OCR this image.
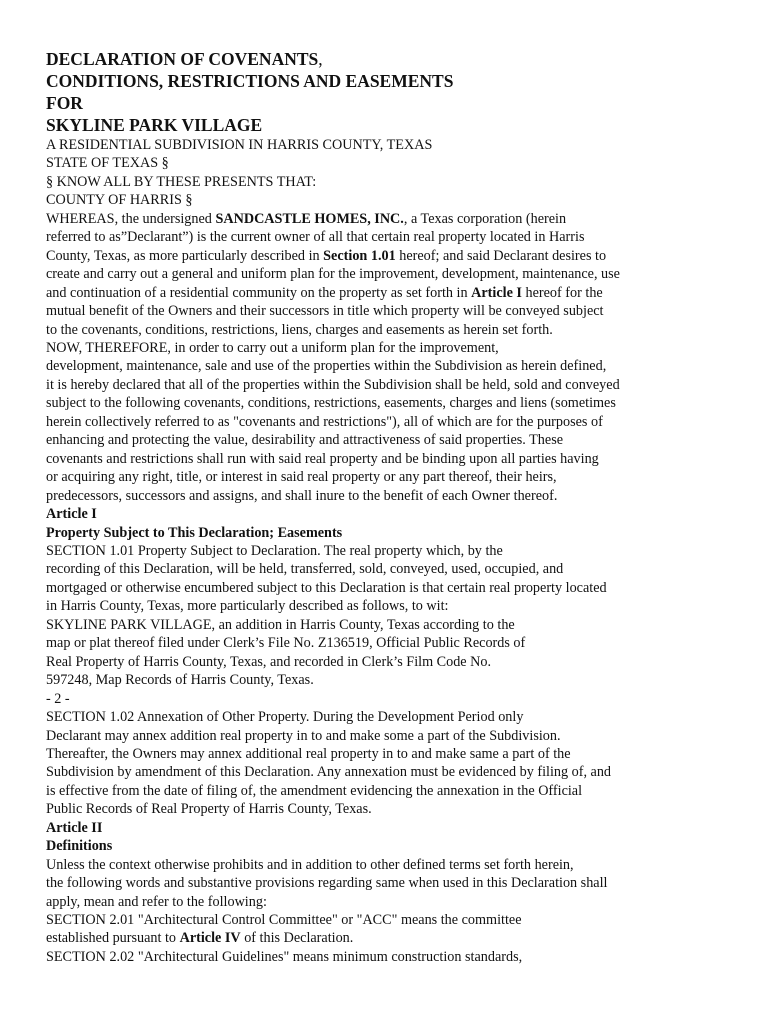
DECLARATION OF COVENANTS,
CONDITIONS, RESTRICTIONS AND EASEMENTS
FOR
SKYLINE PARK VILLAGE
A RESIDENTIAL SUBDIVISION IN HARRIS COUNTY, TEXAS
STATE OF TEXAS §
§ KNOW ALL BY THESE PRESENTS THAT:
COUNTY OF HARRIS §
WHEREAS, the undersigned SANDCASTLE HOMES, INC., a Texas corporation (herein
referred to as”Declarant”) is the current owner of all that certain real property located in Harris
County, Texas, as more particularly described in Section 1.01 hereof; and said Declarant desires to
create and carry out a general and uniform plan for the improvement, development, maintenance, use
and continuation of a residential community on the property as set forth in Article I hereof for the
mutual benefit of the Owners and their successors in title which property will be conveyed subject
to the covenants, conditions, restrictions, liens, charges and easements as herein set forth.
NOW, THEREFORE, in order to carry out a uniform plan for the improvement,
development, maintenance, sale and use of the properties within the Subdivision as herein defined,
it is hereby declared that all of the properties within the Subdivision shall be held, sold and conveyed
subject to the following covenants, conditions, restrictions, easements, charges and liens (sometimes
herein collectively referred to as "covenants and restrictions"), all of which are for the purposes of
enhancing and protecting the value, desirability and attractiveness of said properties. These
covenants and restrictions shall run with said real property and be binding upon all parties having
or acquiring any right, title, or interest in said real property or any part thereof, their heirs,
predecessors, successors and assigns, and shall inure to the benefit of each Owner thereof.
Article I
Property Subject to This Declaration; Easements
SECTION 1.01 Property Subject to Declaration. The real property which, by the
recording of this Declaration, will be held, transferred, sold, conveyed, used, occupied, and
mortgaged or otherwise encumbered subject to this Declaration is that certain real property located
in Harris County, Texas, more particularly described as follows, to wit:
SKYLINE PARK VILLAGE, an addition in Harris County, Texas according to the
map or plat thereof filed under Clerk’s File No. Z136519, Official Public Records of
Real Property of Harris County, Texas, and recorded in Clerk’s Film Code No.
597248, Map Records of Harris County, Texas.
- 2 -
SECTION 1.02 Annexation of Other Property. During the Development Period only
Declarant may annex addition real property in to and make some a part of the Subdivision.
Thereafter, the Owners may annex additional real property in to and make same a part of the
Subdivision by amendment of this Declaration. Any annexation must be evidenced by filing of, and
is effective from the date of filing of, the amendment evidencing the annexation in the Official
Public Records of Real Property of Harris County, Texas.
Article II
Definitions
Unless the context otherwise prohibits and in addition to other defined terms set forth herein,
the following words and substantive provisions regarding same when used in this Declaration shall
apply, mean and refer to the following:
SECTION 2.01 "Architectural Control Committee" or "ACC" means the committee
established pursuant to Article IV of this Declaration.
SECTION 2.02 "Architectural Guidelines" means minimum construction standards,
